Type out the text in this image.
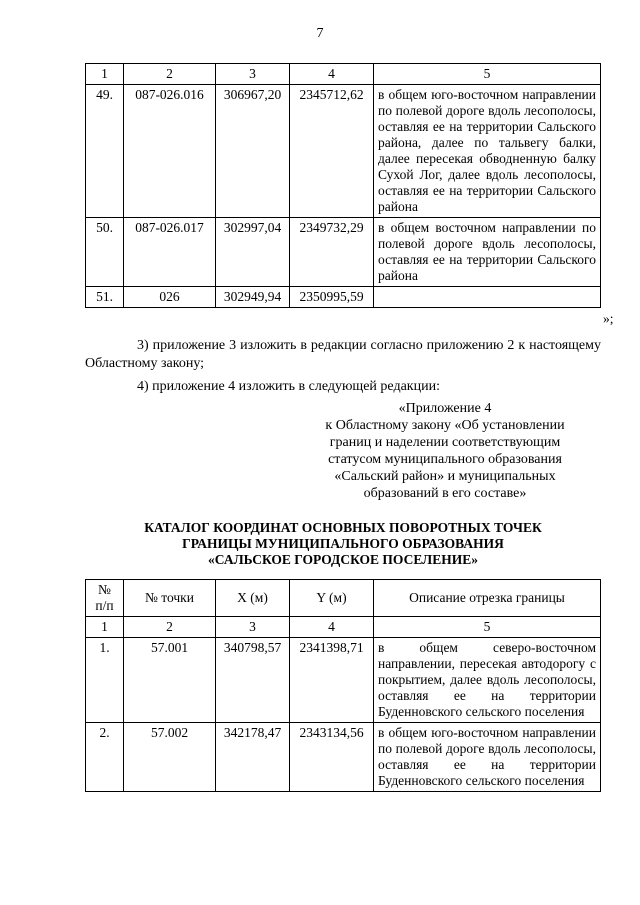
7
1	2	3	4	5
49.	087-026.016	306967,20	2345712,62	в общем юго-восточном направлении по полевой дороге вдоль лесополосы, оставляя ее на территории Сальского района, далее по тальвегу балки, далее пересекая обводненную балку Сухой Лог, далее вдоль лесополосы, оставляя ее на территории Сальского района
50.	087-026.017	302997,04	2349732,29	в общем восточном направлении по полевой дороге вдоль лесополосы, оставляя ее на территории Сальского района
51.	026	302949,94	2350995,59	
»;
3) приложение 3 изложить в редакции согласно приложению 2 к настоящему Областному закону;
4) приложение 4 изложить в следующей редакции:
«Приложение 4
к Областному закону «Об установлении
границ и наделении соответствующим
статусом муниципального образования
«Сальский район» и муниципальных
образований в его составе»
КАТАЛОГ КООРДИНАТ ОСНОВНЫХ ПОВОРОТНЫХ ТОЧЕК
ГРАНИЦЫ МУНИЦИПАЛЬНОГО ОБРАЗОВАНИЯ
«САЛЬСКОЕ ГОРОДСКОЕ ПОСЕЛЕНИЕ»
№
п/п	№ точки	X (м)	Y (м)	Описание отрезка границы
1	2	3	4	5
1.	57.001	340798,57	2341398,71	в общем северо-восточном направлении, пересекая автодорогу с покрытием, далее вдоль лесополосы, оставляя ее на территории Буденновского сельского поселения
2.	57.002	342178,47	2343134,56	в общем юго-восточном направлении по полевой дороге вдоль лесополосы, оставляя ее на территории Буденновского сельского поселения
